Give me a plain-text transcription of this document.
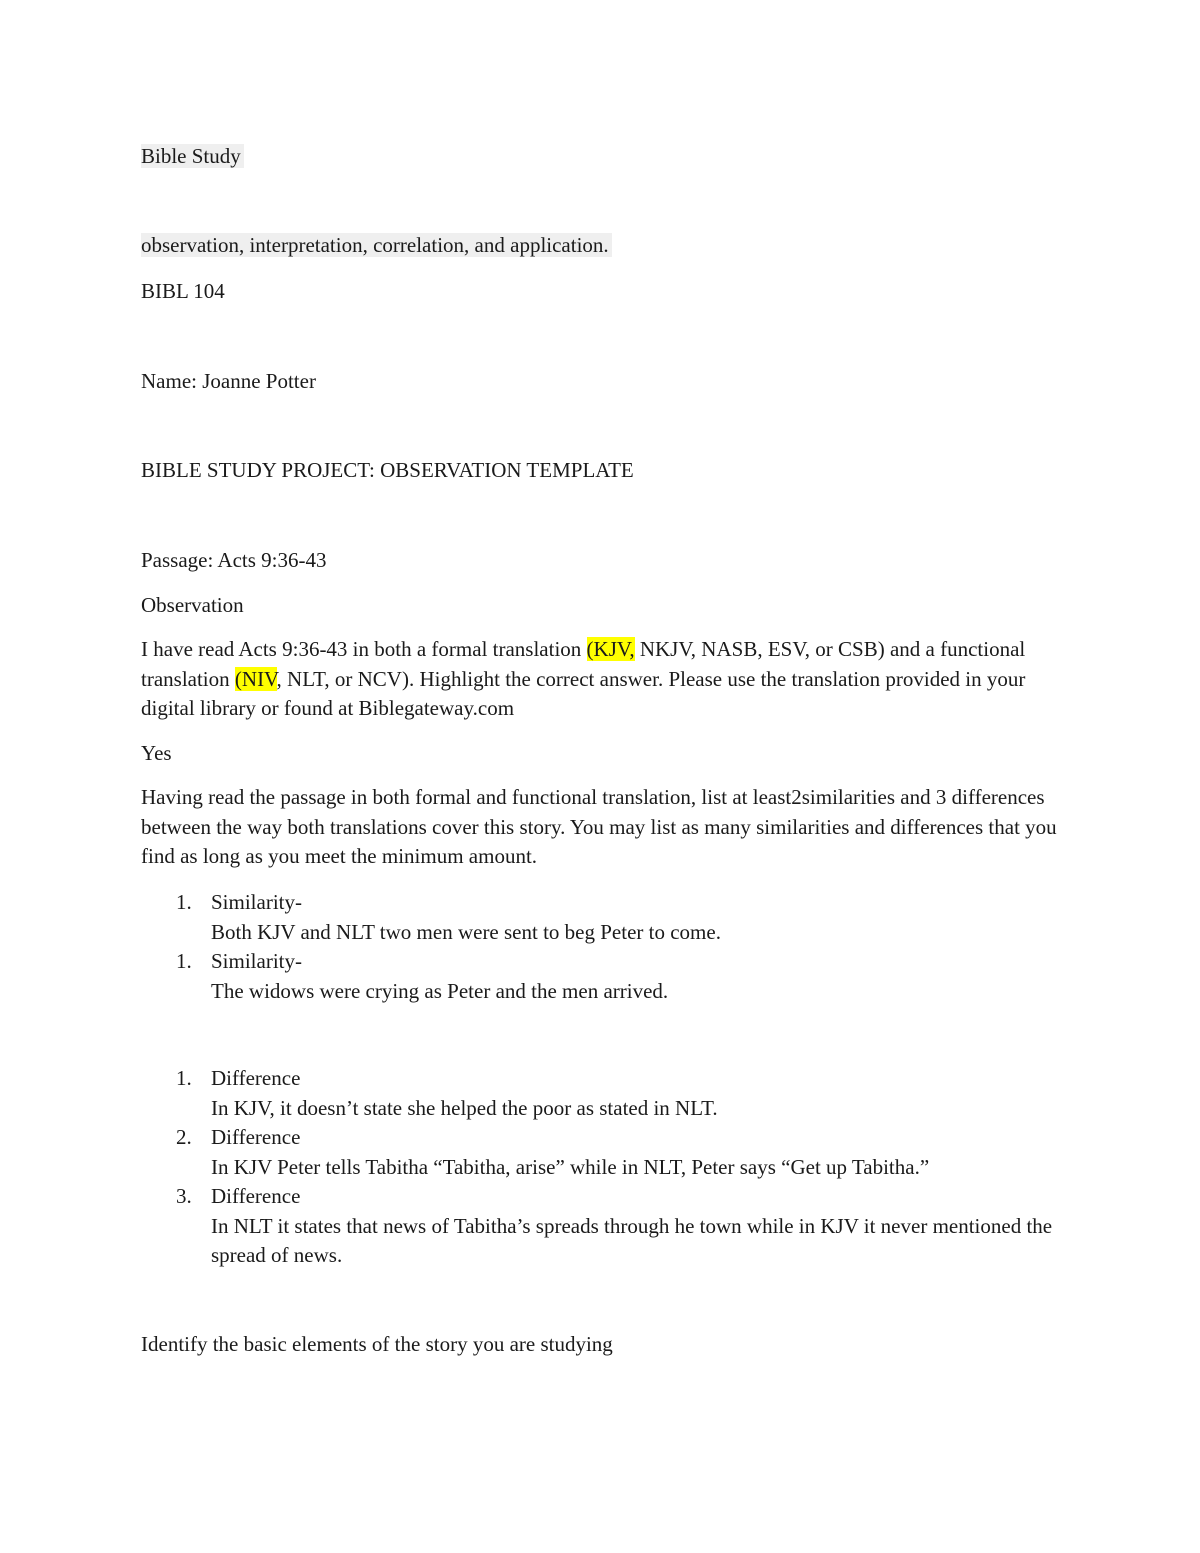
Bible Study
observation, interpretation, correlation, and application.
BIBL 104
Name: Joanne Potter
BIBLE STUDY PROJECT: OBSERVATION TEMPLATE
Passage: Acts 9:36-43
Observation
I have read Acts 9:36-43 in both a formal translation (KJV, NKJV, NASB, ESV, or CSB) and a functional translation (NIV, NLT, or NCV). Highlight the correct answer. Please use the translation provided in your digital library or found at Biblegateway.com
Yes
Having read the passage in both formal and functional translation, list at least2similarities and 3 differences between the way both translations cover this story. You may list as many similarities and differences that you find as long as you meet the minimum amount.
1. Similarity-
Both KJV and NLT two men were sent to beg Peter to come.
1. Similarity-
The widows were crying as Peter and the men arrived.
1. Difference
In KJV, it doesn’t state she helped the poor as stated in NLT.
2. Difference
In KJV Peter tells Tabitha “Tabitha, arise” while in NLT, Peter says “Get up Tabitha.”
3. Difference
In NLT it states that news of Tabitha’s spreads through he town while in KJV it never mentioned the spread of news.
Identify the basic elements of the story you are studying
